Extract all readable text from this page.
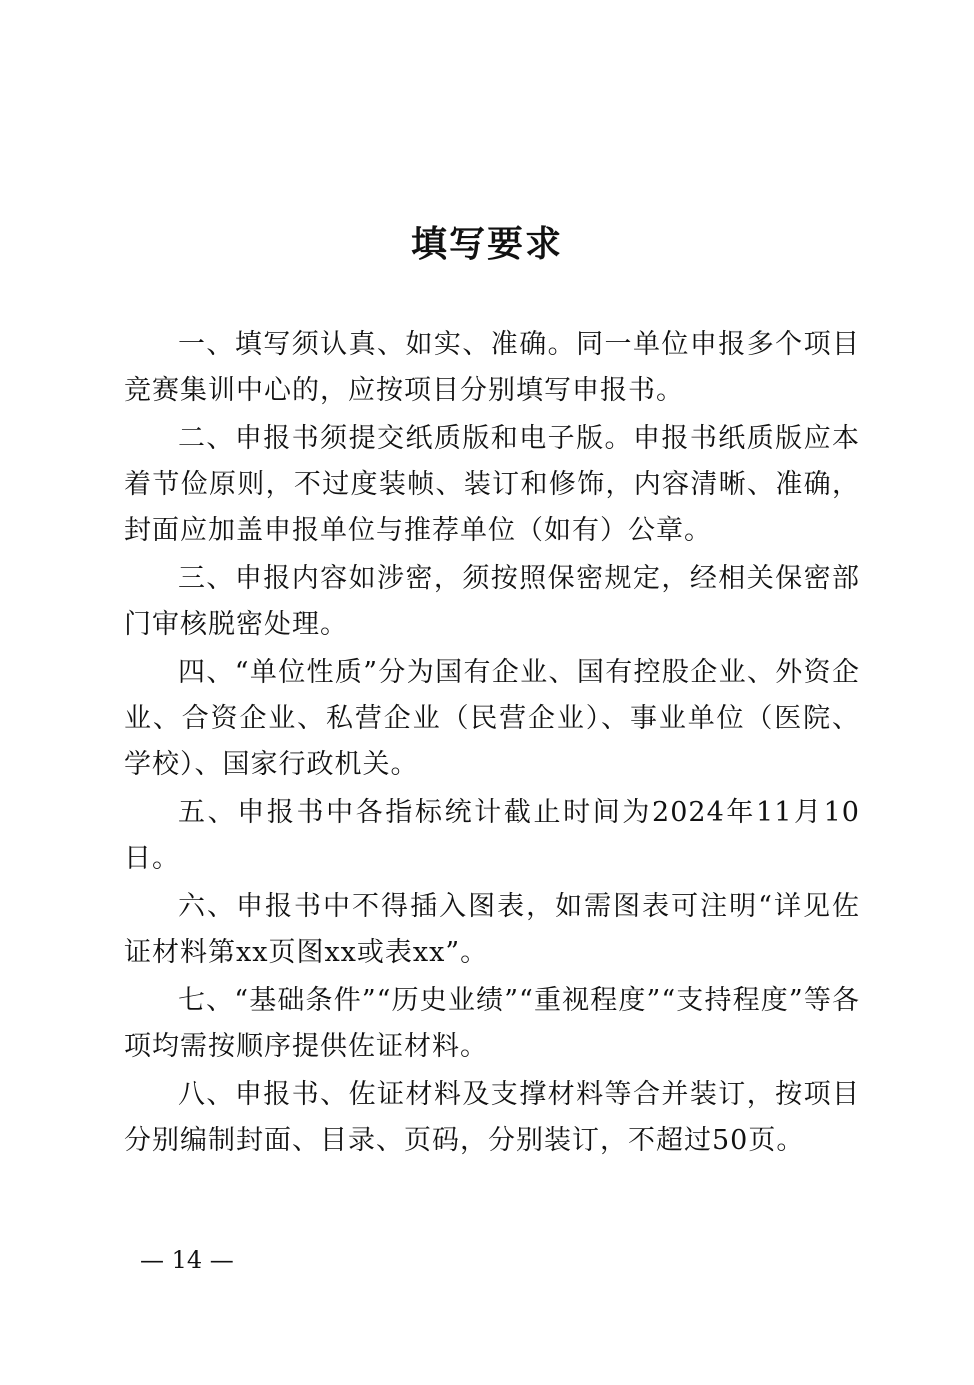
填写要求

一、填写须认真、如实、准确。同一单位申报多个项目竞赛集训中心的，应按项目分别填写申报书。

二、申报书须提交纸质版和电子版。申报书纸质版应本着节俭原则，不过度装帧、装订和修饰，内容清晰、准确，封面应加盖申报单位与推荐单位（如有）公章。

三、申报内容如涉密，须按照保密规定，经相关保密部门审核脱密处理。

四、“单位性质”分为国有企业、国有控股企业、外资企业、合资企业、私营企业（民营企业）、事业单位（医院、学校）、国家行政机关。

五、申报书中各指标统计截止时间为2024年11月10日。

六、申报书中不得插入图表，如需图表可注明“详见佐证材料第xx页图xx或表xx”。

七、“基础条件”“历史业绩”“重视程度”“支持程度”等各项均需按顺序提供佐证材料。

八、申报书、佐证材料及支撑材料等合并装订，按项目分别编制封面、目录、页码，分别装订，不超过50页。

— 14 —
